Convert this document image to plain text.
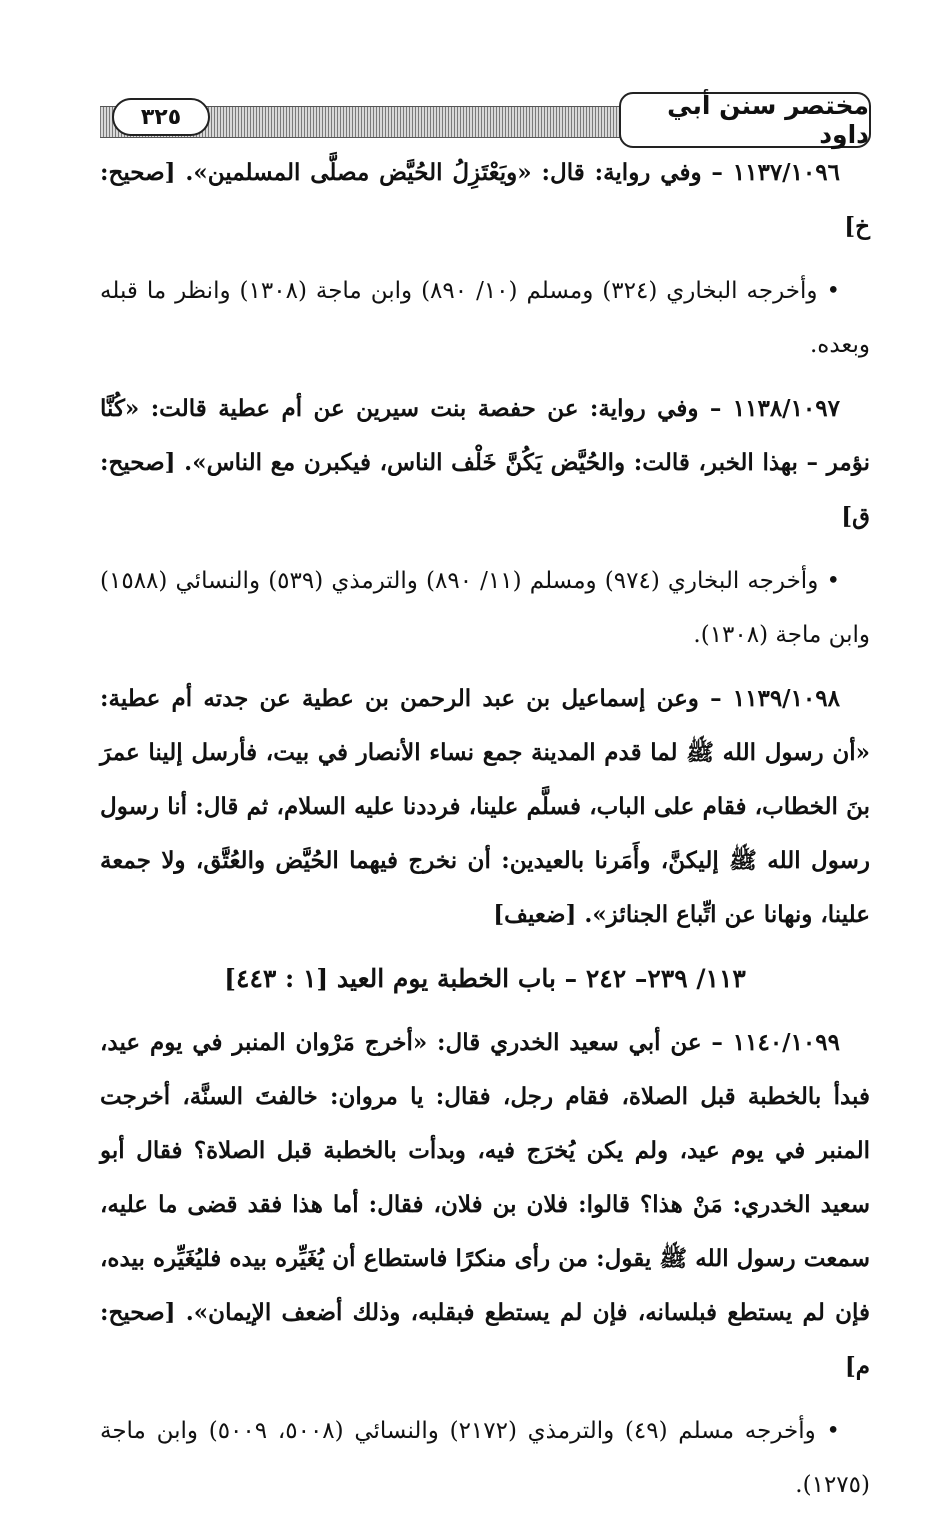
مختصر سنن أبي داود
٣٢٥

١١٣٧/١٠٩٦ – وفي رواية: قال: «ويَعْتَزِلُ الحُيَّض مصلَّى المسلمين». [صحيح: خ]

• وأخرجه البخاري (٣٢٤) ومسلم (١٠/ ٨٩٠) وابن ماجة (١٣٠٨) وانظر ما قبله وبعده.

١١٣٨/١٠٩٧ – وفي رواية: عن حفصة بنت سيرين عن أم عطية قالت: «كُنَّا نؤمر – بهذا الخبر، قالت: والحُيَّض يَكُنَّ خَلْف الناس، فيكبرن مع الناس». [صحيح: ق]

• وأخرجه البخاري (٩٧٤) ومسلم (١١/ ٨٩٠) والترمذي (٥٣٩) والنسائي (١٥٨٨) وابن ماجة (١٣٠٨).

١١٣٩/١٠٩٨ – وعن إسماعيل بن عبد الرحمن بن عطية عن جدته أم عطية: «أن رسول الله ﷺ لما قدم المدينة جمع نساء الأنصار في بيت، فأرسل إلينا عمرَ بنَ الخطاب، فقام على الباب، فسلَّم علينا، فرددنا عليه السلام، ثم قال: أنا رسول رسول الله ﷺ إليكنَّ، وأَمَرنا بالعيدين: أن نخرج فيهما الحُيَّض والعُتَّق، ولا جمعة علينا، ونهانا عن اتِّباع الجنائز». [ضعيف]

١١٣/ ٢٣٩– ٢٤٢ – باب الخطبة يوم العيد [١ : ٤٤٣]

١١٤٠/١٠٩٩ – عن أبي سعيد الخدري قال: «أخرج مَرْوان المنبر في يوم عيد، فبدأ بالخطبة قبل الصلاة، فقام رجل، فقال: يا مروان: خالفتَ السنَّة، أخرجت المنبر في يوم عيد، ولم يكن يُخرَج فيه، وبدأت بالخطبة قبل الصلاة؟ فقال أبو سعيد الخدري: مَنْ هذا؟ قالوا: فلان بن فلان، فقال: أما هذا فقد قضى ما عليه، سمعت رسول الله ﷺ يقول: من رأى منكرًا فاستطاع أن يُغَيِّره بيده فليُغَيِّره بيده، فإن لم يستطع فبلسانه، فإن لم يستطع فبقلبه، وذلك أضعف الإيمان». [صحيح: م]

• وأخرجه مسلم (٤٩) والترمذي (٢١٧٢) والنسائي (٥٠٠٨، ٥٠٠٩) وابن ماجة (١٢٧٥).
